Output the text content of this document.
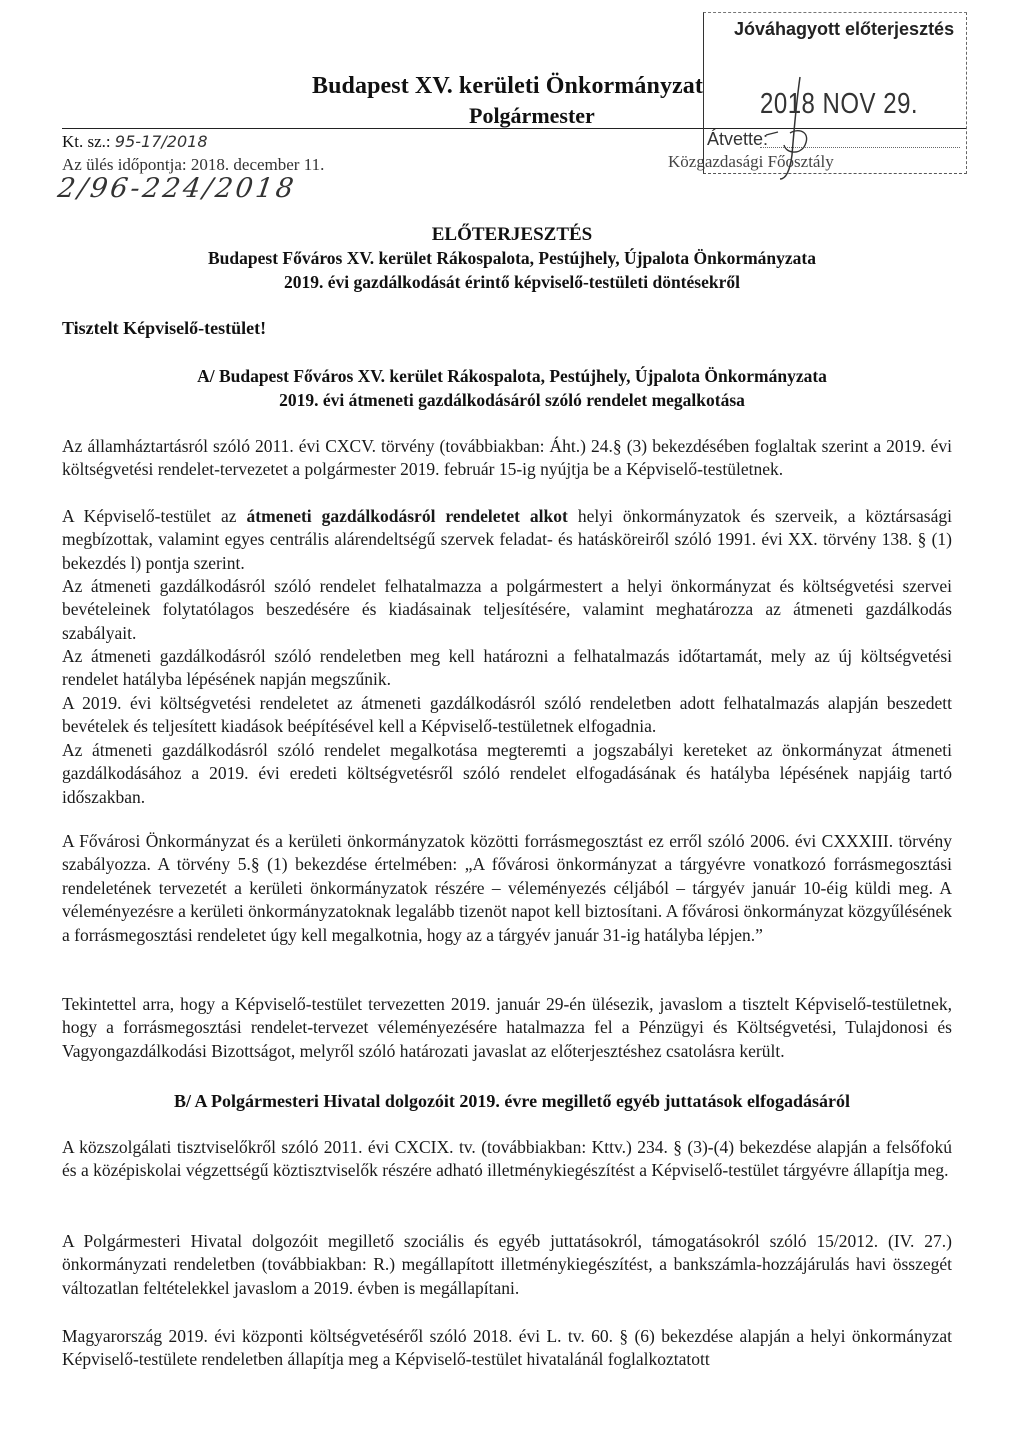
Budapest XV. kerületi Önkormányzat
Polgármester
Kt. sz.: 95-17/2018
Az ülés időpontja: 2018. december 11.
2/96-224/2018
Közgazdasági Főosztály
Jóváhagyott előterjesztés
2018 NOV 29.
Átvette:
ELŐTERJESZTÉS
Budapest Főváros XV. kerület Rákospalota, Pestújhely, Újpalota Önkormányzata
2019. évi gazdálkodását érintő képviselő-testületi döntésekről
Tisztelt Képviselő-testület!
A/ Budapest Főváros XV. kerület Rákospalota, Pestújhely, Újpalota Önkormányzata
2019. évi átmeneti gazdálkodásáról szóló rendelet megalkotása
Az államháztartásról szóló 2011. évi CXCV. törvény (továbbiakban: Áht.) 24.§ (3) bekezdésében foglaltak szerint a 2019. évi költségvetési rendelet-tervezetet a polgármester 2019. február 15-ig nyújtja be a Képviselő-testületnek.
A Képviselő-testület az átmeneti gazdálkodásról rendeletet alkot helyi önkormányzatok és szerveik, a köztársasági megbízottak, valamint egyes centrális alárendeltségű szervek feladat- és hatásköreiről szóló 1991. évi XX. törvény 138. § (1) bekezdés l) pontja szerint.
Az átmeneti gazdálkodásról szóló rendelet felhatalmazza a polgármestert a helyi önkormányzat és költségvetési szervei bevételeinek folytatólagos beszedésére és kiadásainak teljesítésére, valamint meghatározza az átmeneti gazdálkodás szabályait.
Az átmeneti gazdálkodásról szóló rendeletben meg kell határozni a felhatalmazás időtartamát, mely az új költségvetési rendelet hatályba lépésének napján megszűnik.
A 2019. évi költségvetési rendeletet az átmeneti gazdálkodásról szóló rendeletben adott felhatalmazás alapján beszedett bevételek és teljesített kiadások beépítésével kell a Képviselő-testületnek elfogadnia.
Az átmeneti gazdálkodásról szóló rendelet megalkotása megteremti a jogszabályi kereteket az önkormányzat átmeneti gazdálkodásához a 2019. évi eredeti költségvetésről szóló rendelet elfogadásának és hatályba lépésének napjáig tartó időszakban.
A Fővárosi Önkormányzat és a kerületi önkormányzatok közötti forrásmegosztást ez erről szóló 2006. évi CXXXIII. törvény szabályozza. A törvény 5.§ (1) bekezdése értelmében: „A fővárosi önkormányzat a tárgyévre vonatkozó forrásmegosztási rendeletének tervezetét a kerületi önkormányzatok részére – véleményezés céljából – tárgyév január 10-éig küldi meg. A véleményezésre a kerületi önkormányzatoknak legalább tizenöt napot kell biztosítani. A fővárosi önkormányzat közgyűlésének a forrásmegosztási rendeletet úgy kell megalkotnia, hogy az a tárgyév január 31-ig hatályba lépjen.”
Tekintettel arra, hogy a Képviselő-testület tervezetten 2019. január 29-én ülésezik, javaslom a tisztelt Képviselő-testületnek, hogy a forrásmegosztási rendelet-tervezet véleményezésére hatalmazza fel a Pénzügyi és Költségvetési, Tulajdonosi és Vagyongazdálkodási Bizottságot, melyről szóló határozati javaslat az előterjesztéshez csatolásra került.
B/ A Polgármesteri Hivatal dolgozóit 2019. évre megillető egyéb juttatások elfogadásáról
A közszolgálati tisztviselőkről szóló 2011. évi CXCIX. tv. (továbbiakban: Kttv.) 234. § (3)-(4) bekezdése alapján a felsőfokú és a középiskolai végzettségű köztisztviselők részére adható illetménykiegészítést a Képviselő-testület tárgyévre állapítja meg.
A Polgármesteri Hivatal dolgozóit megillető szociális és egyéb juttatásokról, támogatásokról szóló 15/2012. (IV. 27.) önkormányzati rendeletben (továbbiakban: R.) megállapított illetménykiegészítést, a bankszámla-hozzájárulás havi összegét változatlan feltételekkel javaslom a 2019. évben is megállapítani.
Magyarország 2019. évi központi költségvetéséről szóló 2018. évi L. tv. 60. § (6) bekezdése alapján a helyi önkormányzat Képviselő-testülete rendeletben állapítja meg a Képviselő-testület hivatalánál foglalkoztatott
